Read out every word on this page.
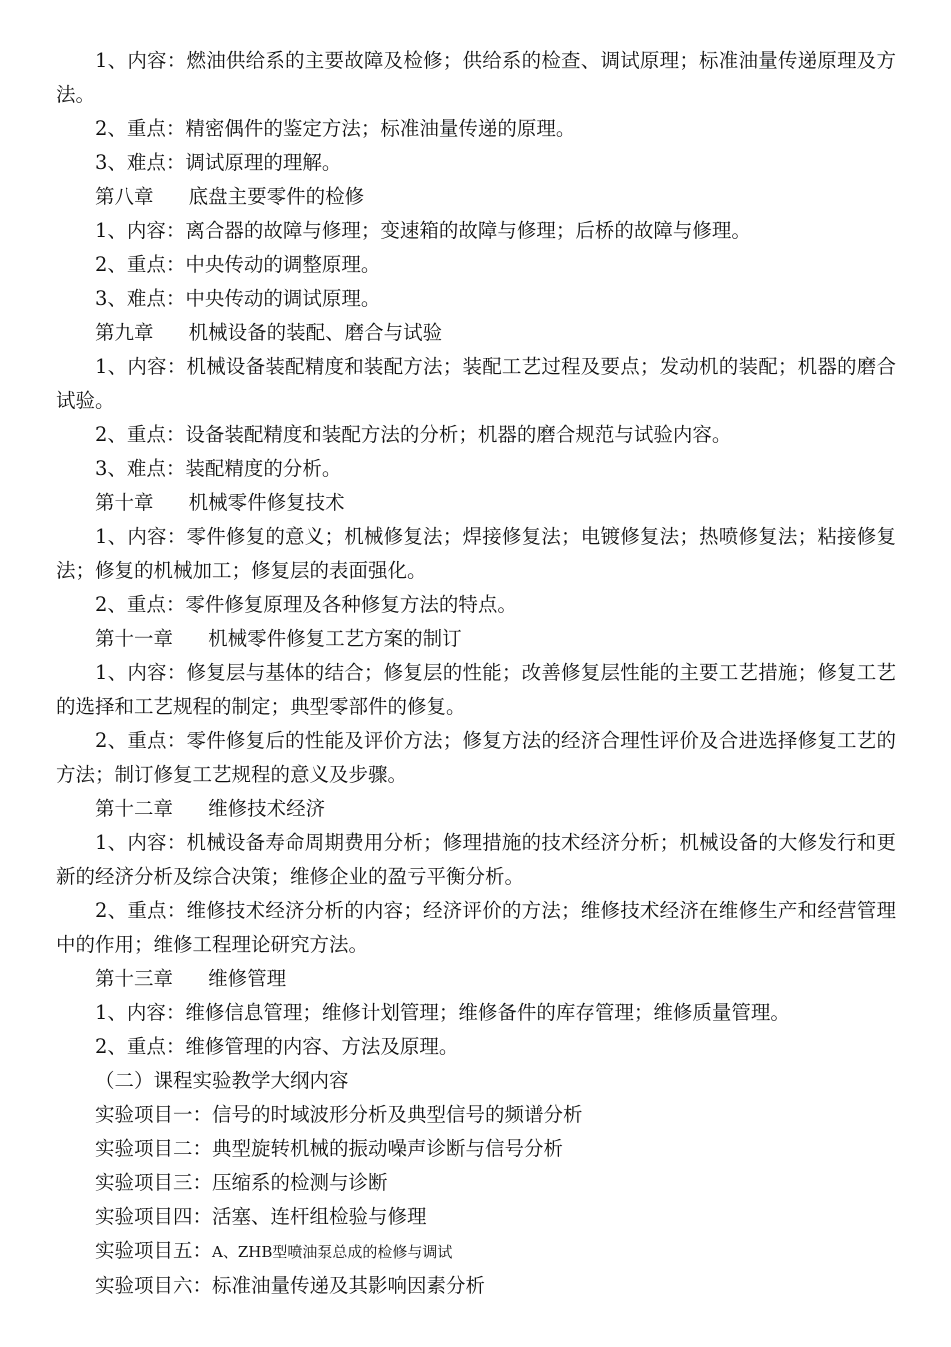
1、内容：燃油供给系的主要故障及检修；供给系的检查、调试原理；标准油量传递原理及方法。

2、重点：精密偶件的鉴定方法；标准油量传递的原理。

3、难点：调试原理的理解。

第八章 底盘主要零件的检修

1、内容：离合器的故障与修理；变速箱的故障与修理；后桥的故障与修理。

2、重点：中央传动的调整原理。

3、难点：中央传动的调试原理。

第九章 机械设备的装配、磨合与试验

1、内容：机械设备装配精度和装配方法；装配工艺过程及要点；发动机的装配；机器的磨合试验。

2、重点：设备装配精度和装配方法的分析；机器的磨合规范与试验内容。

3、难点：装配精度的分析。

第十章 机械零件修复技术

1、内容：零件修复的意义；机械修复法；焊接修复法；电镀修复法；热喷修复法；粘接修复法；修复的机械加工；修复层的表面强化。

2、重点：零件修复原理及各种修复方法的特点。

第十一章 机械零件修复工艺方案的制订

1、内容：修复层与基体的结合；修复层的性能；改善修复层性能的主要工艺措施；修复工艺的选择和工艺规程的制定；典型零部件的修复。

2、重点：零件修复后的性能及评价方法；修复方法的经济合理性评价及合进选择修复工艺的方法；制订修复工艺规程的意义及步骤。

第十二章 维修技术经济

1、内容：机械设备寿命周期费用分析；修理措施的技术经济分析；机械设备的大修发行和更新的经济分析及综合决策；维修企业的盈亏平衡分析。

2、重点：维修技术经济分析的内容；经济评价的方法；维修技术经济在维修生产和经营管理中的作用；维修工程理论研究方法。

第十三章 维修管理

1、内容：维修信息管理；维修计划管理；维修备件的库存管理；维修质量管理。

2、重点：维修管理的内容、方法及原理。

（二）课程实验教学大纲内容

实验项目一：信号的时域波形分析及典型信号的频谱分析

实验项目二：典型旋转机械的振动噪声诊断与信号分析

实验项目三：压缩系的检测与诊断

实验项目四：活塞、连杆组检验与修理

实验项目五：A、ZHB型喷油泵总成的检修与调试

实验项目六：标准油量传递及其影响因素分析
